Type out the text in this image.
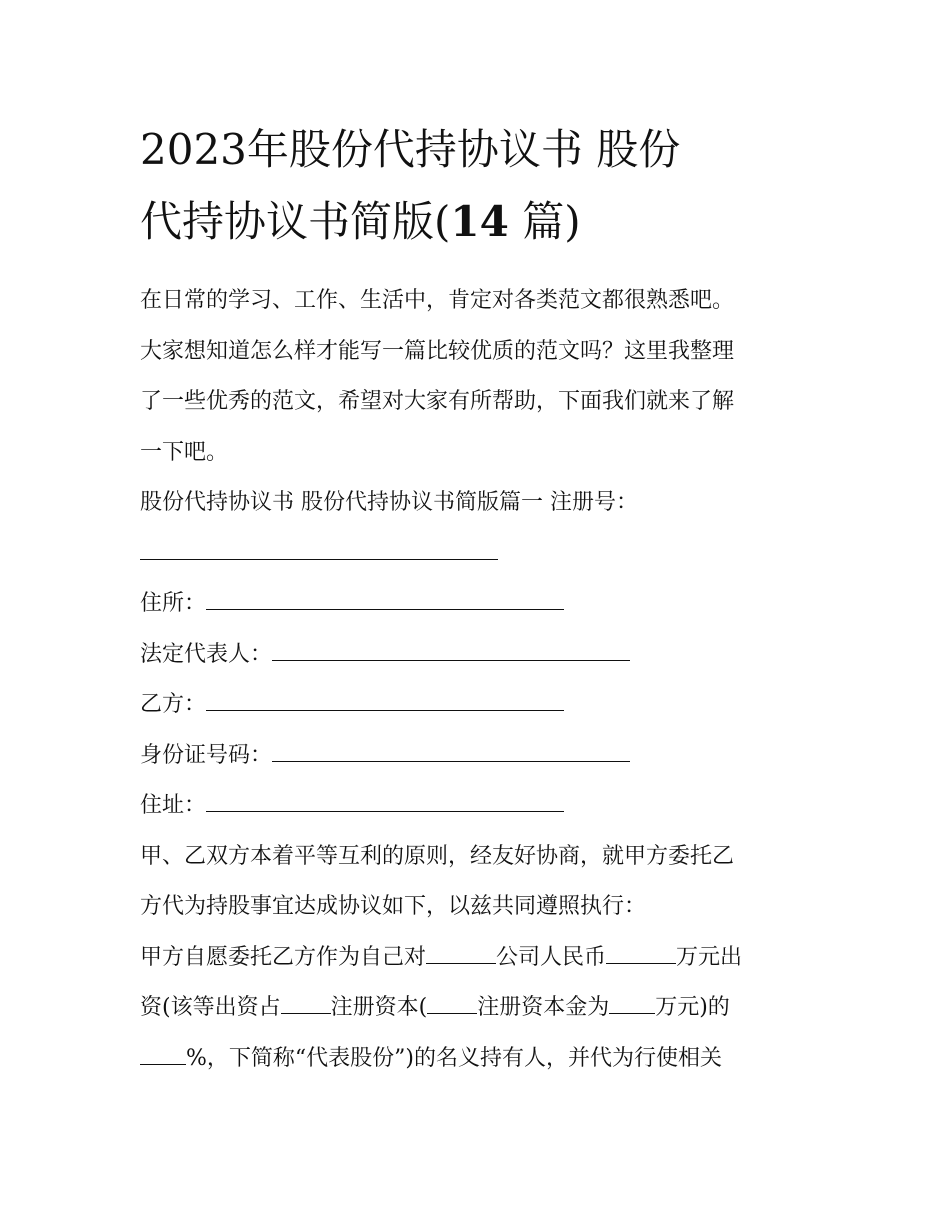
2023年股份代持协议书 股份
代持协议书简版(14 篇)

在日常的学习、工作、生活中，肯定对各类范文都很熟悉吧。

大家想知道怎么样才能写一篇比较优质的范文吗？这里我整理

了一些优秀的范文，希望对大家有所帮助，下面我们就来了解

一下吧。

股份代持协议书 股份代持协议书简版篇一 注册号：

住所：

法定代表人：

乙方：

身份证号码：

住址：

甲、乙双方本着平等互利的原则，经友好协商，就甲方委托乙

方代为持股事宜达成协议如下，以兹共同遵照执行：

甲方自愿委托乙方作为自己对	公司人民币	万元出

资(该等出资占 注册资本( 注册资本金为 万元)的

%，下简称“代表股份”)的名义持有人，并代为行使相关
